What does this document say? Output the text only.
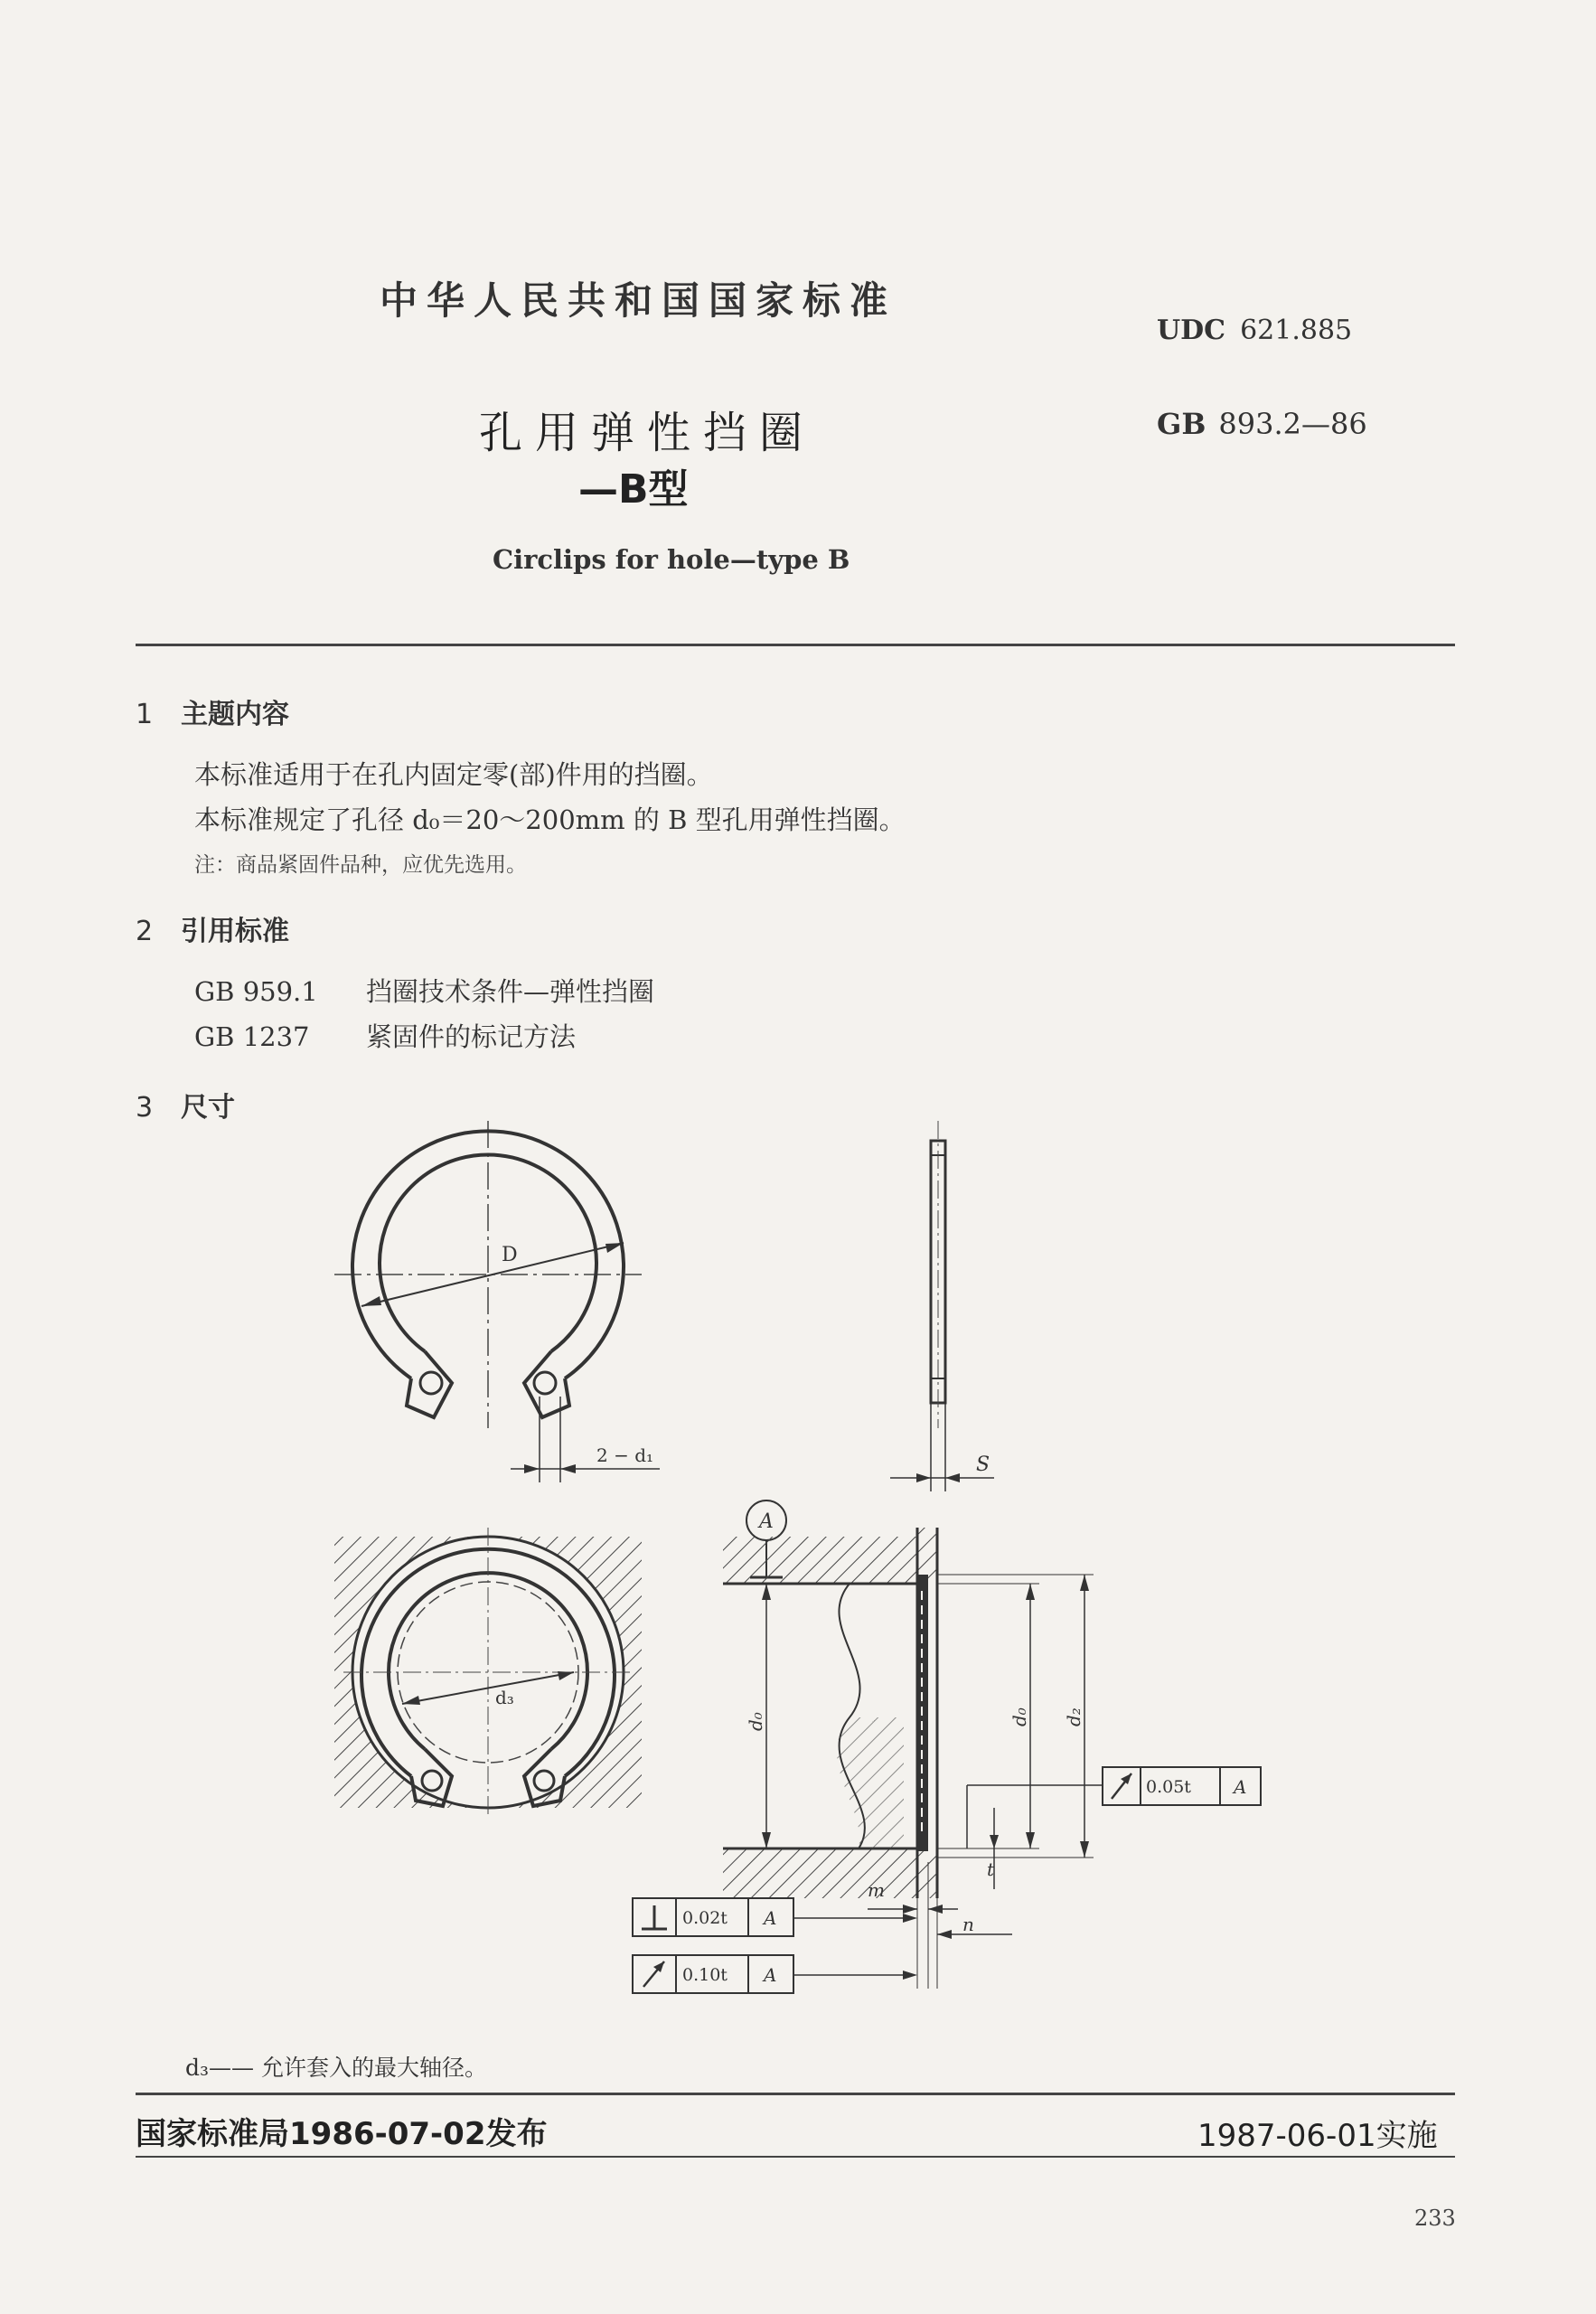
中华人民共和国国家标准
UDC 621.885
孔用弹性挡圈	GB 893.2—86
—B型
Circlips for hole—type B
1 主题内容
本标准适用于在孔内固定零(部)件用的挡圈。
本标准规定了孔径 d₀＝20～200mm 的 B 型孔用弹性挡圈。
注：商品紧固件品种，应优先选用。
2 引用标准
GB 959.1 挡圈技术条件—弹性挡圈
GB 1237 紧固件的标记方法
3 尺寸
D
2 − d₁	S
d₃
A
d₀	d₀ d₂
t
m
n
0.05t A
0.02t A
0.10t A
d₃—— 允许套入的最大轴径。
国家标准局1986-07-02发布	1987-06-01实施
233
